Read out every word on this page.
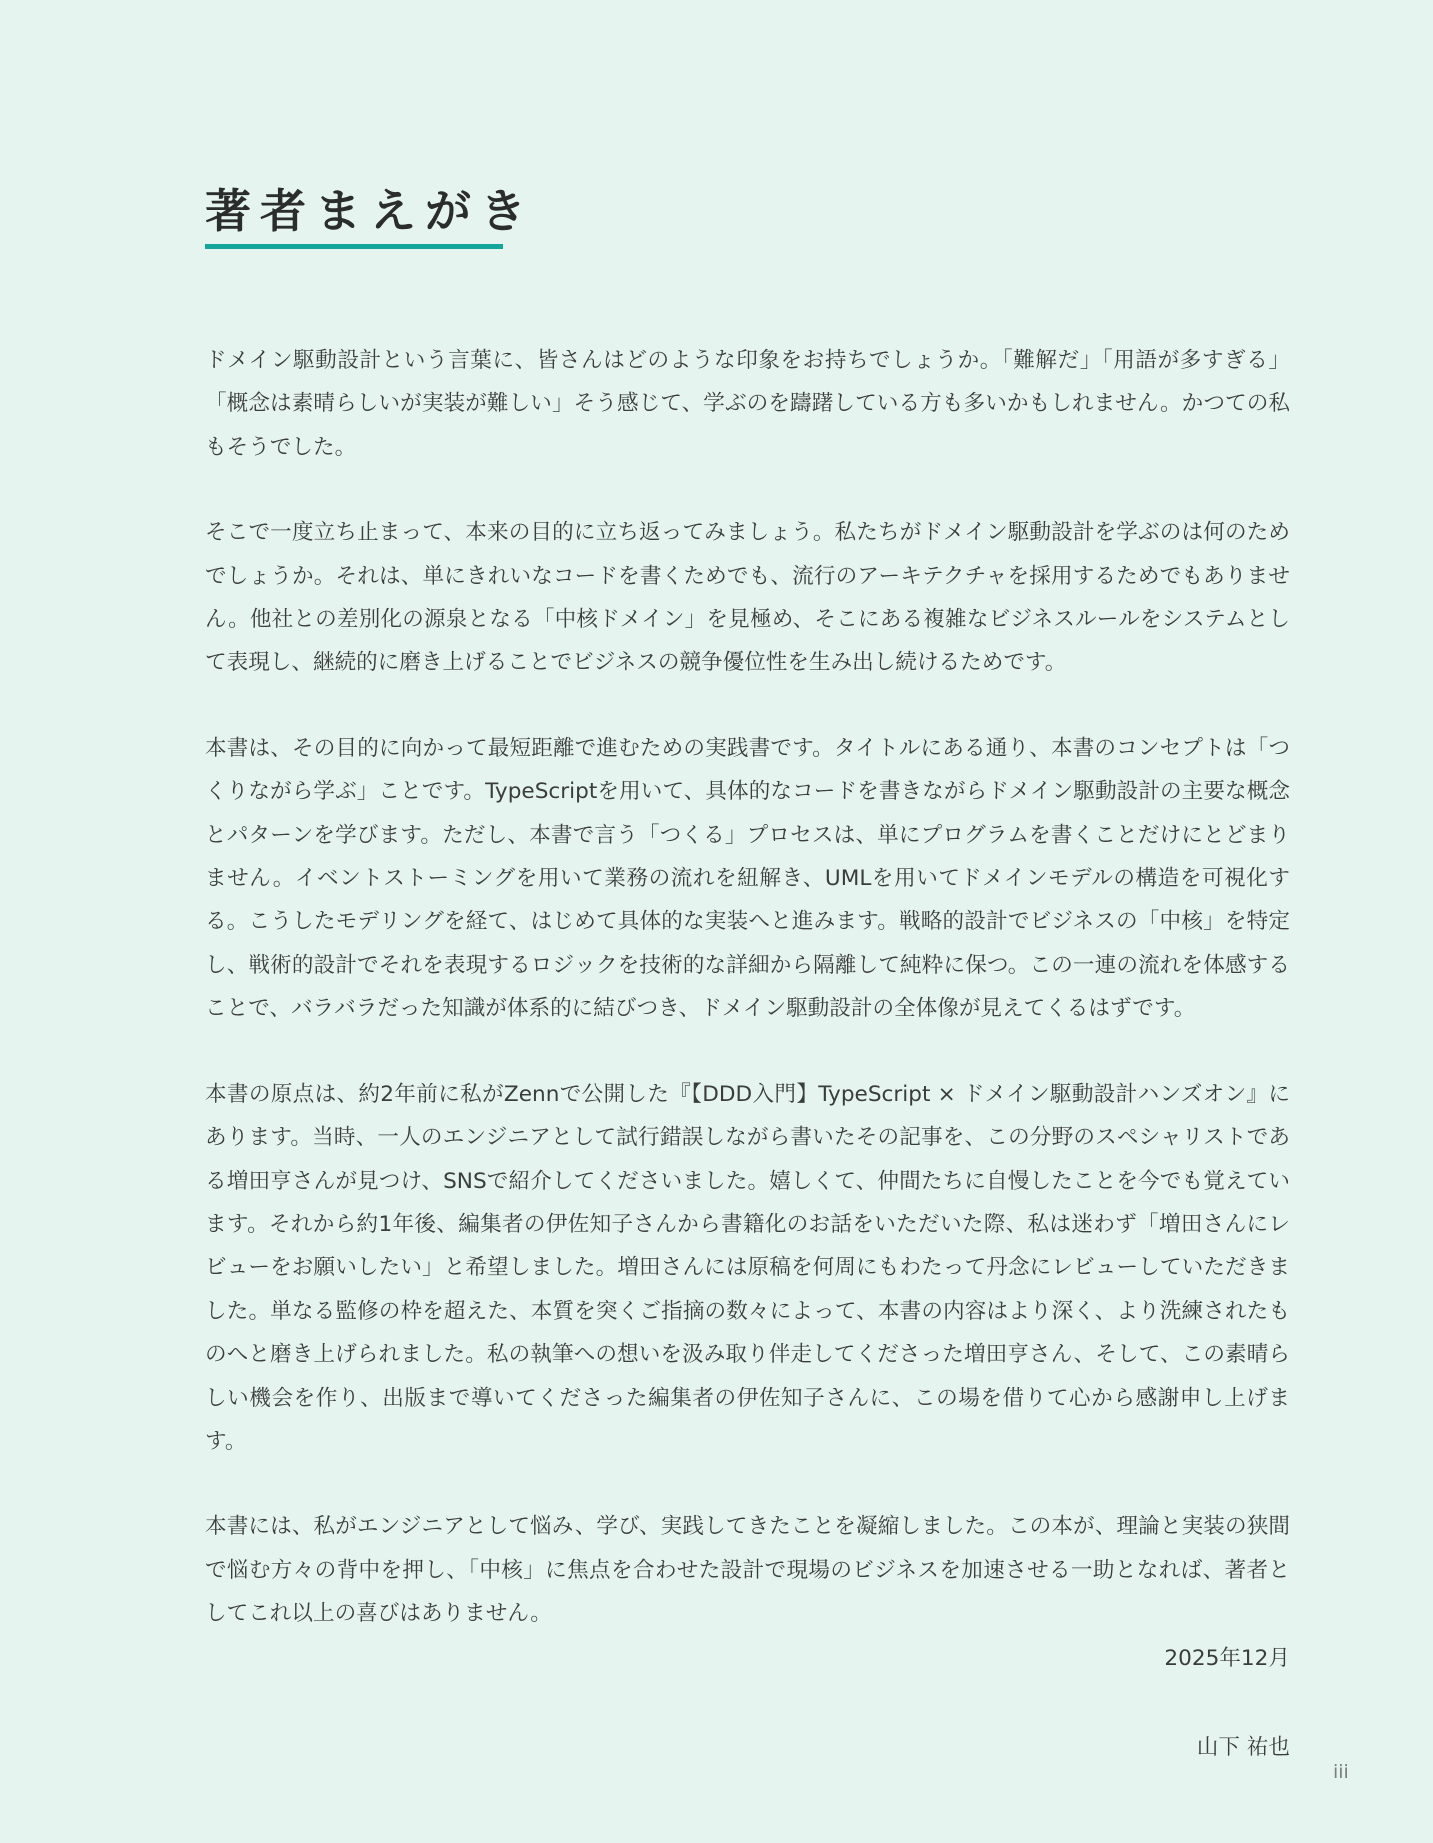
著者まえがき

ドメイン駆動設計という言葉に、皆さんはどのような印象をお持ちでしょうか。「難解だ」「用語が多すぎる」「概念は素晴らしいが実装が難しい」そう感じて、学ぶのを躊躇している方も多いかもしれません。かつての私もそうでした。

そこで一度立ち止まって、本来の目的に立ち返ってみましょう。私たちがドメイン駆動設計を学ぶのは何のためでしょうか。それは、単にきれいなコードを書くためでも、流行のアーキテクチャを採用するためでもありません。他社との差別化の源泉となる「中核ドメイン」を見極め、そこにある複雑なビジネスルールをシステムとして表現し、継続的に磨き上げることでビジネスの競争優位性を生み出し続けるためです。

本書は、その目的に向かって最短距離で進むための実践書です。タイトルにある通り、本書のコンセプトは「つくりながら学ぶ」ことです。TypeScriptを用いて、具体的なコードを書きながらドメイン駆動設計の主要な概念とパターンを学びます。ただし、本書で言う「つくる」プロセスは、単にプログラムを書くことだけにとどまりません。イベントストーミングを用いて業務の流れを紐解き、UMLを用いてドメインモデルの構造を可視化する。こうしたモデリングを経て、はじめて具体的な実装へと進みます。戦略的設計でビジネスの「中核」を特定し、戦術的設計でそれを表現するロジックを技術的な詳細から隔離して純粋に保つ。この一連の流れを体感することで、バラバラだった知識が体系的に結びつき、ドメイン駆動設計の全体像が見えてくるはずです。

本書の原点は、約2年前に私がZennで公開した『【DDD入門】TypeScript × ドメイン駆動設計ハンズオン』にあります。当時、一人のエンジニアとして試行錯誤しながら書いたその記事を、この分野のスペシャリストである増田亨さんが見つけ、SNSで紹介してくださいました。嬉しくて、仲間たちに自慢したことを今でも覚えています。それから約1年後、編集者の伊佐知子さんから書籍化のお話をいただいた際、私は迷わず「増田さんにレビューをお願いしたい」と希望しました。増田さんには原稿を何周にもわたって丹念にレビューしていただきました。単なる監修の枠を超えた、本質を突くご指摘の数々によって、本書の内容はより深く、より洗練されたものへと磨き上げられました。私の執筆への想いを汲み取り伴走してくださった増田亨さん、そして、この素晴らしい機会を作り、出版まで導いてくださった編集者の伊佐知子さんに、この場を借りて心から感謝申し上げます。

本書には、私がエンジニアとして悩み、学び、実践してきたことを凝縮しました。この本が、理論と実装の狭間で悩む方々の背中を押し、「中核」に焦点を合わせた設計で現場のビジネスを加速させる一助となれば、著者としてこれ以上の喜びはありません。

2025年12月
山下 祐也
iii
